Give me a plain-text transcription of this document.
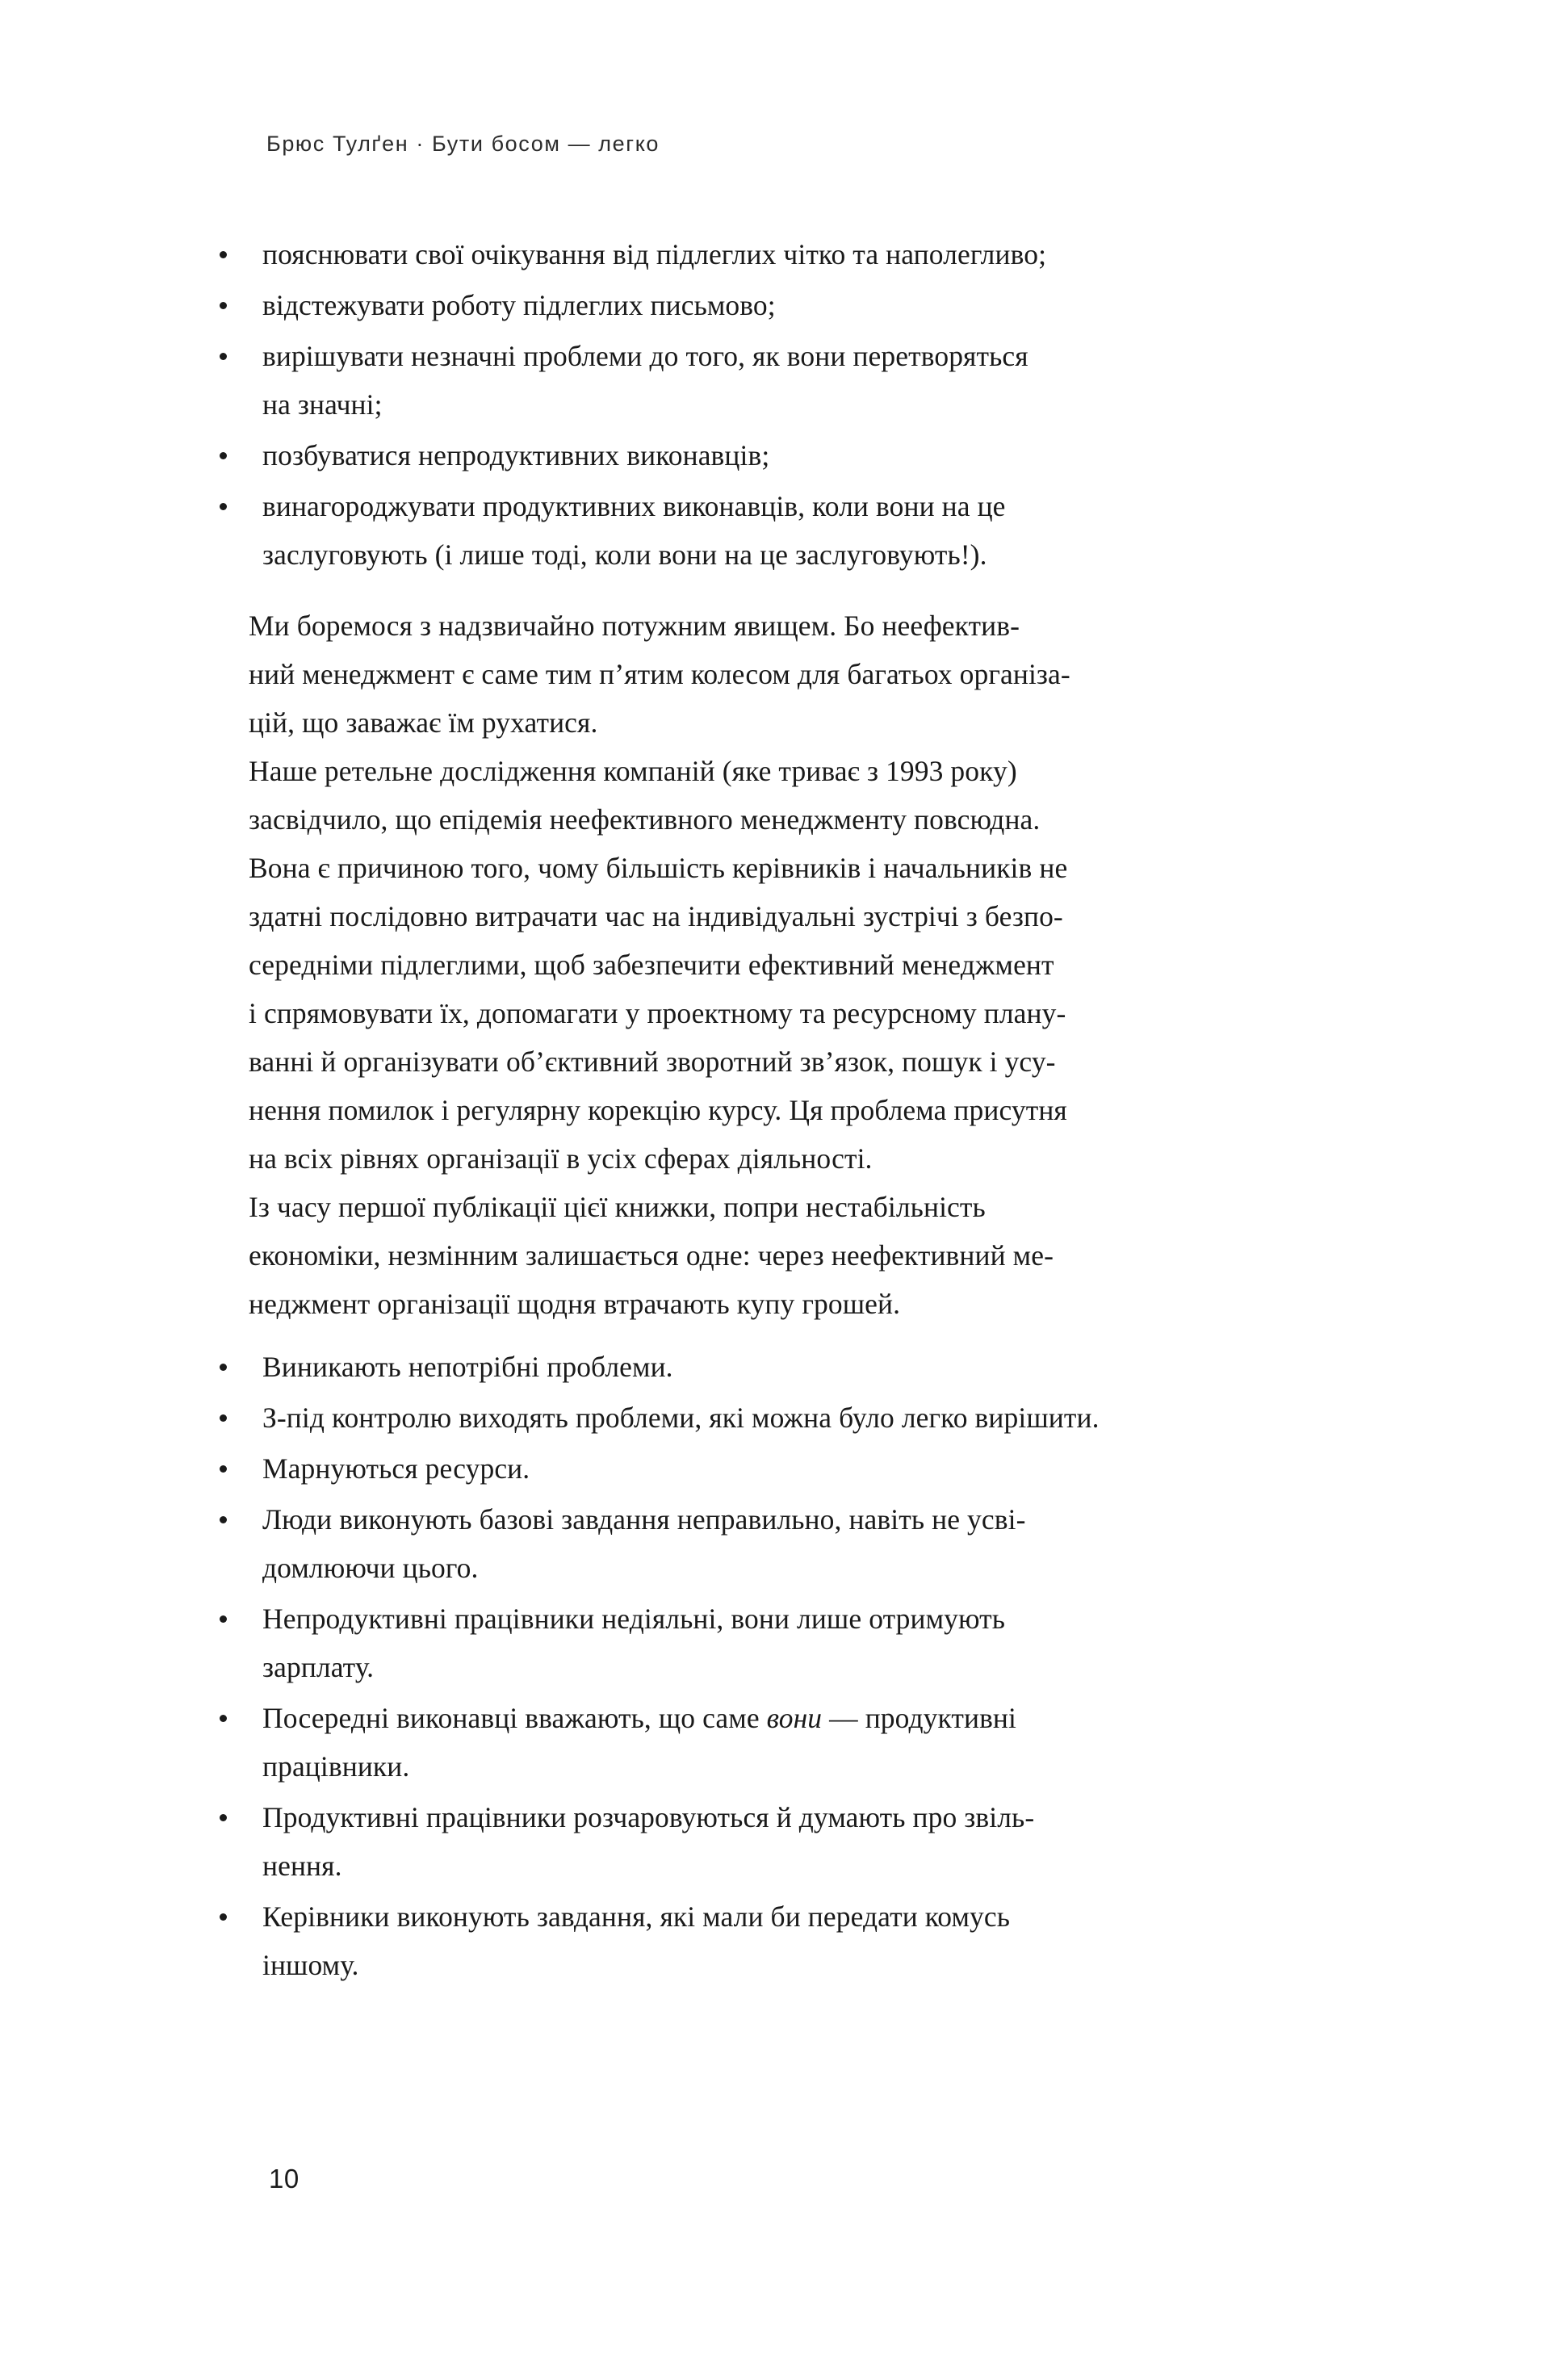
Брюс Тулґен · Бути босом — легко
пояснювати свої очікування від підлеглих чітко та наполегливо;
відстежувати роботу підлеглих письмово;
вирішувати незначні проблеми до того, як вони перетворяться
на значні;
позбуватися непродуктивних виконавців;
винагороджувати продуктивних виконавців, коли вони на це
заслуговують (і лише тоді, коли вони на це заслуговують!).

Ми боремося з надзвичайно потужним явищем. Бо неефектив-
ний менеджмент є саме тим п’ятим колесом для багатьох організа-
цій, що заважає їм рухатися.

Наше ретельне дослідження компаній (яке триває з 1993 року)
засвідчило, що епідемія неефективного менеджменту повсюдна.
Вона є причиною того, чому більшість керівників і начальників не
здатні послідовно витрачати час на індивідуальні зустрічі з безпо-
середніми підлеглими, щоб забезпечити ефективний менеджмент
і спрямовувати їх, допомагати у проектному та ресурсному плану-
ванні й організувати об’єктивний зворотний зв’язок, пошук і усу-
нення помилок і регулярну корекцію курсу. Ця проблема присутня
на всіх рівнях організації в усіх сферах діяльності.

Із часу першої публікації цієї книжки, попри нестабільність
економіки, незмінним залишається одне: через неефективний ме-
неджмент організації щодня втрачають купу грошей.

Виникають непотрібні проблеми.
З-під контролю виходять проблеми, які можна було легко вирішити.
Марнуються ресурси.
Люди виконують базові завдання неправильно, навіть не усві-
домлюючи цього.
Непродуктивні працівники недіяльні, вони лише отримують
зарплату.
Посередні виконавці вважають, що саме вони — продуктивні
працівники.
Продуктивні працівники розчаровуються й думають про звіль-
нення.
Керівники виконують завдання, які мали би передати комусь
іншому.
10
